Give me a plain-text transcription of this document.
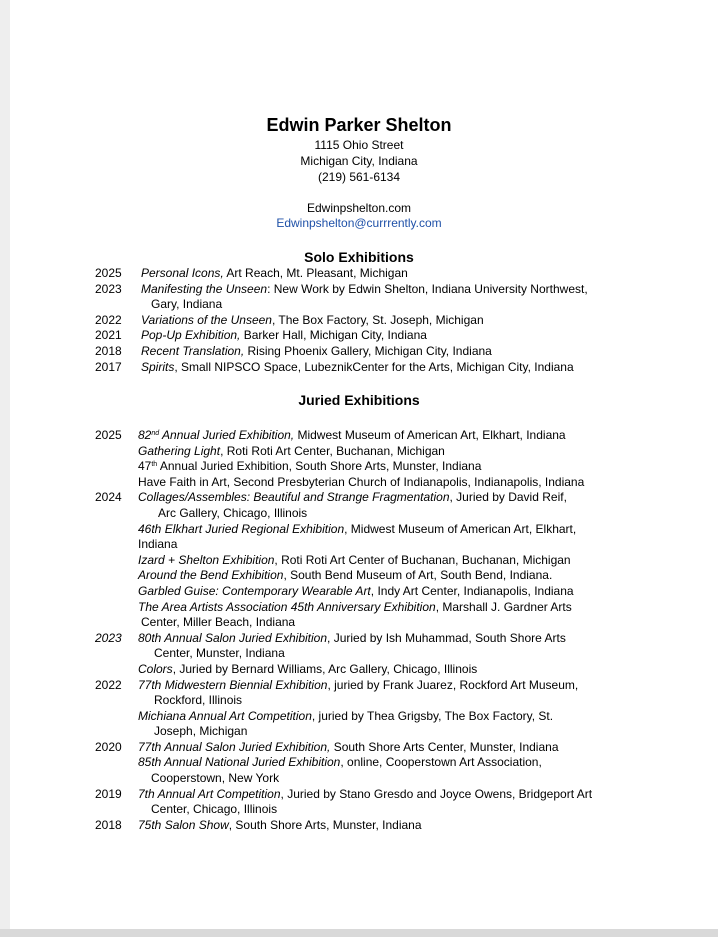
Edwin Parker Shelton
1115 Ohio Street
Michigan City, Indiana
(219) 561-6134
Edwinpshelton.com
Edwinpshelton@currrently.com
Solo Exhibitions
2025	Personal Icons, Art Reach, Mt. Pleasant, Michigan
2023	Manifesting the Unseen: New Work by Edwin Shelton, Indiana University Northwest,
Gary, Indiana
2022	Variations of the Unseen, The Box Factory, St. Joseph, Michigan
2021	Pop-Up Exhibition, Barker Hall, Michigan City, Indiana
2018	Recent Translation, Rising Phoenix Gallery, Michigan City, Indiana
2017	Spirits, Small NIPSCO Space, LubeznikCenter for the Arts, Michigan City, Indiana
Juried Exhibitions
2025	82nd Annual Juried Exhibition, Midwest Museum of American Art, Elkhart, Indiana
Gathering Light, Roti Roti Art Center, Buchanan, Michigan
47th Annual Juried Exhibition, South Shore Arts, Munster, Indiana
Have Faith in Art, Second Presbyterian Church of Indianapolis, Indianapolis, Indiana
2024	Collages/Assembles: Beautiful and Strange Fragmentation, Juried by David Reif,
Arc Gallery, Chicago, Illinois
46th Elkhart Juried Regional Exhibition, Midwest Museum of American Art, Elkhart,
Indiana
Izard + Shelton Exhibition, Roti Roti Art Center of Buchanan, Buchanan, Michigan
Around the Bend Exhibition, South Bend Museum of Art, South Bend, Indiana.
Garbled Guise: Contemporary Wearable Art, Indy Art Center, Indianapolis, Indiana
The Area Artists Association 45th Anniversary Exhibition, Marshall J. Gardner Arts
Center, Miller Beach, Indiana
2023	80th Annual Salon Juried Exhibition, Juried by Ish Muhammad, South Shore Arts
Center, Munster, Indiana
Colors, Juried by Bernard Williams, Arc Gallery, Chicago, Illinois
2022	77th Midwestern Biennial Exhibition, juried by Frank Juarez, Rockford Art Museum,
Rockford, Illinois
Michiana Annual Art Competition, juried by Thea Grigsby, The Box Factory, St.
Joseph, Michigan
2020	77th Annual Salon Juried Exhibition, South Shore Arts Center, Munster, Indiana
85th Annual National Juried Exhibition, online, Cooperstown Art Association,
Cooperstown, New York
2019	7th Annual Art Competition, Juried by Stano Gresdo and Joyce Owens, Bridgeport Art
Center, Chicago, Illinois
2018	75th Salon Show, South Shore Arts, Munster, Indiana
